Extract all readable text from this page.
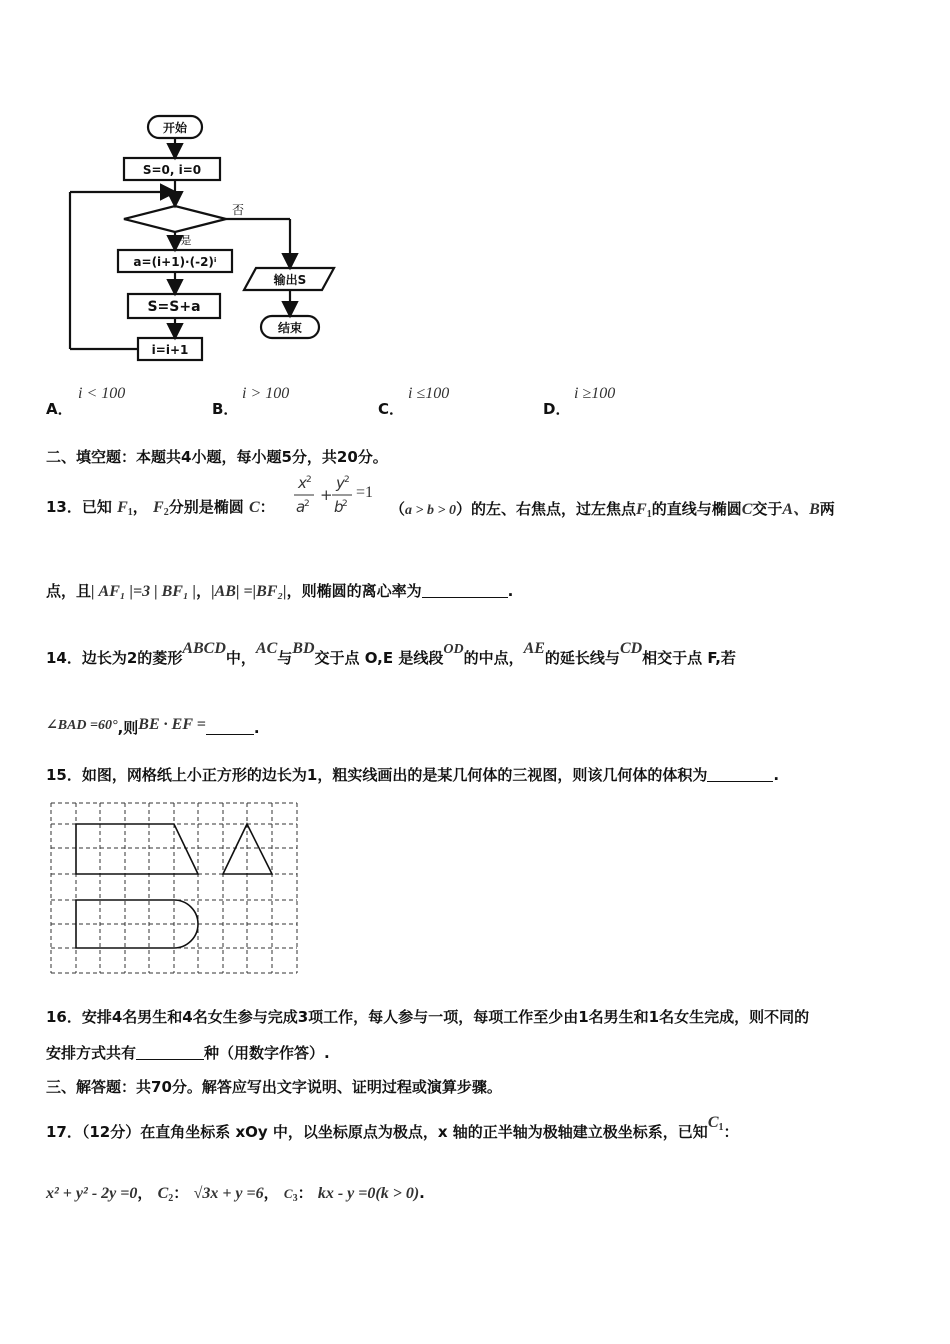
开始
S=0, i=0
否
是
a=(i+1)·(-2)ⁱ
S=S+a
输出S
结束
i=i+1
A．
i < 100
B．
i > 100
C．
i ≤100
D．
i ≥100
二、填空题：本题共4小题，每小题5分，共20分。
13．已知 $F_1$， $F_2$分别是椭圆 C：
x 2
a
2 +
y 2
b
2
=1
（a > b > 0）的左、右焦点，过左焦点$F_1$的直线与椭圆C交于A、B两
点，且| AF₁ |=3 | BF₁ |，|AB| =|BF₂|，则椭圆的离心率为	.
14．边长为2的菱形ABCD中，AC与BD交于点 O,E 是线段OD的中点，AE的延长线与CD相交于点 F,若
∠BAD =60°,则BE · EF =	.
15．如图，网格纸上小正方形的边长为1，粗实线画出的是某几何体的三视图，则该几何体的体积为	.
16．安排4名男生和4名女生参与完成3项工作，每人参与一项，每项工作至少由1名男生和1名女生完成，则不同的
安排方式共有	种（用数字作答）.
三、解答题：共70分。解答应写出文字说明、证明过程或演算步骤。
17．（12分）在直角坐标系 xOy 中，以坐标原点为极点，x 轴的正半轴为极轴建立极坐标系，已知$C_1$：
x² + y² - 2y =0， $C_2$： √3x + y =6， $C_3$： kx - y =0(k > 0).
